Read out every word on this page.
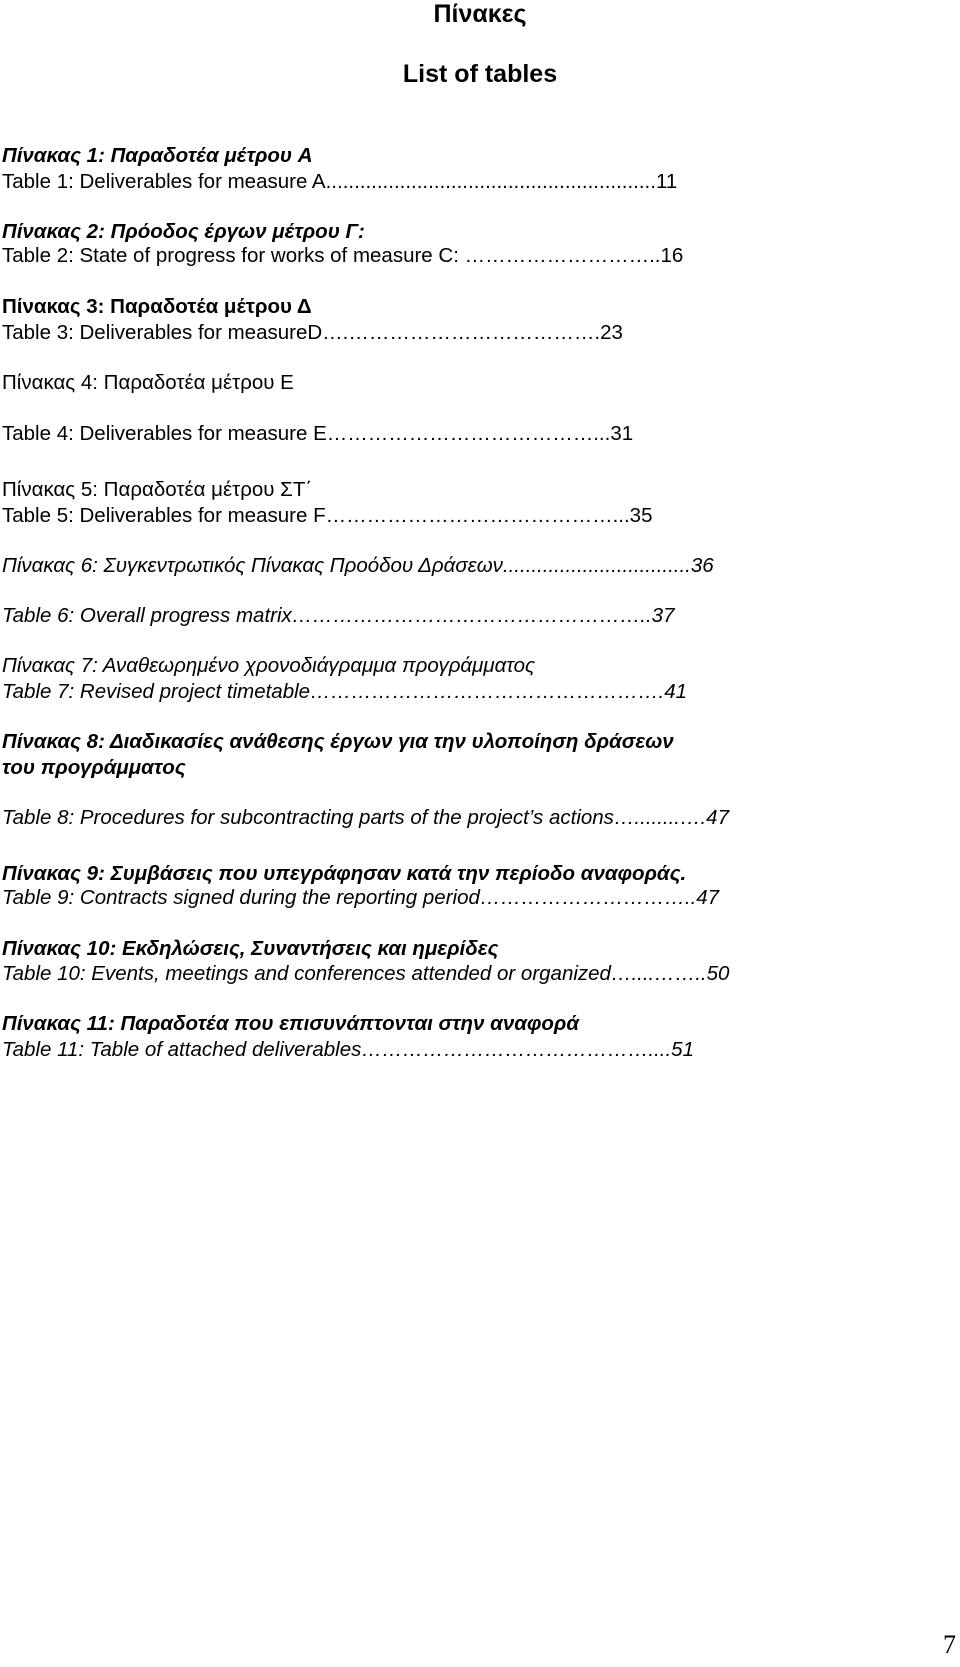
Πίνακες

List of tables

Πίνακας 1: Παραδοτέα μέτρου A

Table 1: Deliverables for measure A..........................................................11

Πίνακας 2: Πρόοδος έργων μέτρου Γ:

Table 2: State of progress for works of measure C: ………………………..16

Πίνακας 3: Παραδοτέα μέτρου Δ

Table 3: Deliverables for measureD….……………………………….23

Πίνακας 4: Παραδοτέα μέτρου Ε

Table 4: Deliverables for measure E…………………………………...31

Πίνακας 5: Παραδοτέα μέτρου ΣΤ΄

Table 5: Deliverables for measure F……………………………………...35

Πίνακας 6: Συγκεντρωτικός Πίνακας Προόδου Δράσεων.................................36

Table 6: Overall progress matrix……………………………………………..37

Πίνακας 7: Αναθεωρημένο χρονοδιάγραμμα προγράμματος

Table 7: Revised project timetable…………………………………………….41

Πίνακας 8: Διαδικασίες ανάθεσης έργων για την υλοποίηση δράσεων

του προγράμματος

Table 8: Procedures for subcontracting parts of the project’s actions…........….47

Πίνακας 9: Συμβάσεις που υπεγράφησαν κατά την περίοδο αναφοράς.

Table 9: Contracts signed during the reporting period…………………………..47

Πίνακας 10: Εκδηλώσεις, Συναντήσεις και ημερίδες

Table 10: Events, meetings and conferences attended or organized…....……..50

Πίνακας 11: Παραδοτέα που επισυνάπτονται στην αναφορά

Table 11: Table of attached deliverables……………………………………....51

7
